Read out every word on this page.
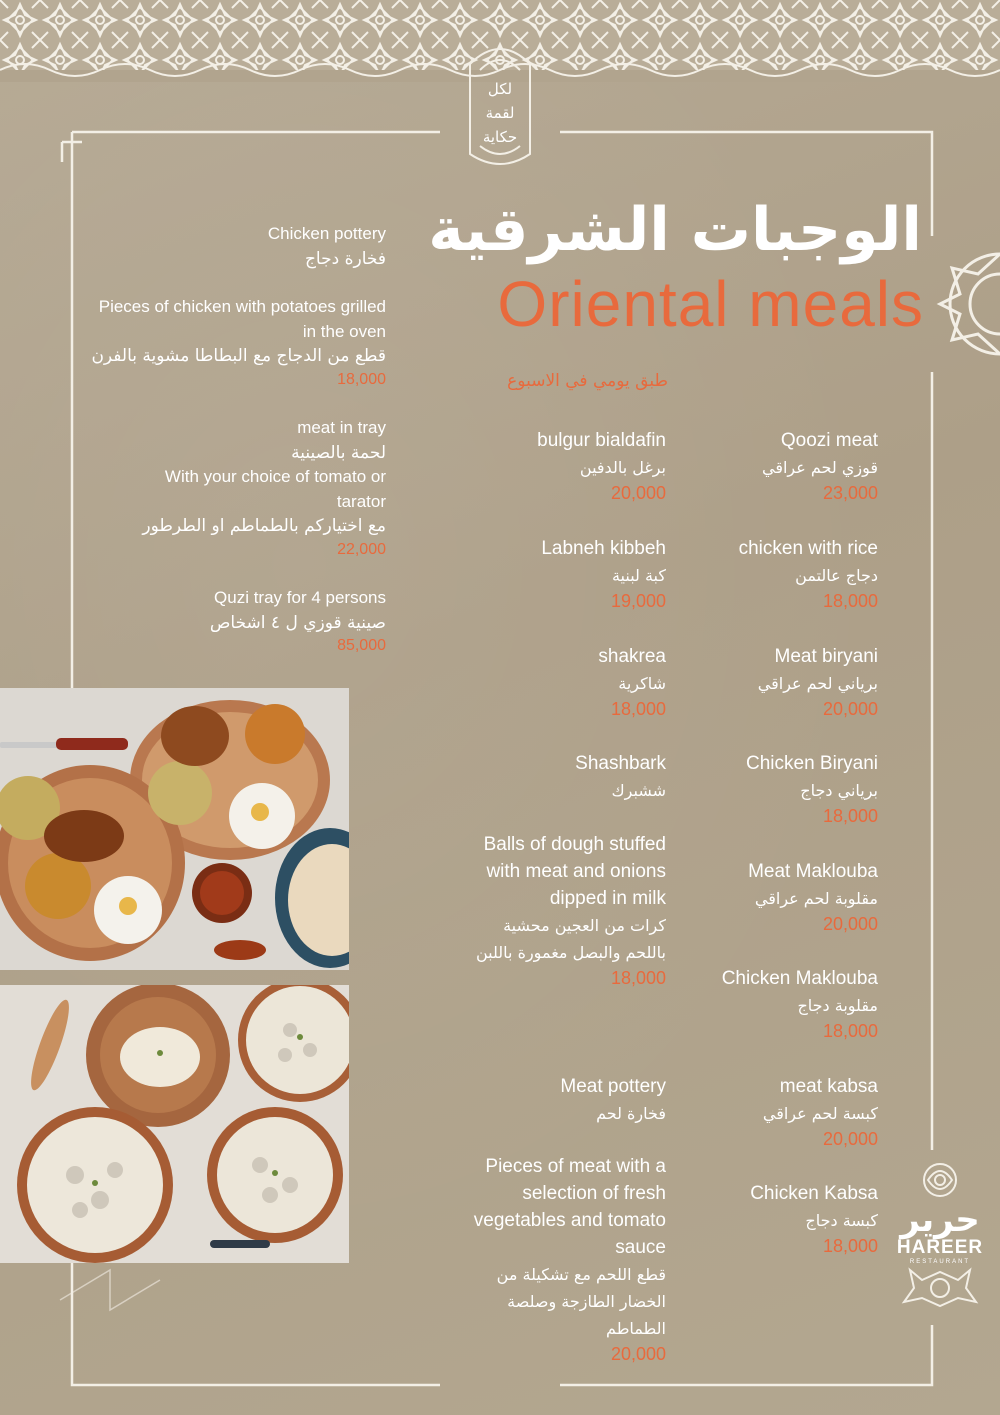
لكل
لقمة
حكاية
الوجبات الشرقية
Oriental meals
طبق يومي في الاسبوع
Chicken pottery
فخارة دجاج
Pieces of chicken with potatoes grilled in the oven
قطع من الدجاج مع البطاطا مشوية بالفرن
18,000
meat in tray
لحمة بالصينية
With your choice of tomato or tarator
مع اختياركم بالطماطم او الطرطور
22,000
Quzi tray for 4 persons
صينية قوزي ل ٤ اشخاص
85,000
bulgur bialdafin
برغل بالدفين
20,000
Labneh kibbeh
كبة لبنية
19,000
shakrea
شاكرية
18,000
Shashbark
ششبرك
Balls of dough stuffed with meat and onions dipped in milk
كرات من العجين محشية باللحم والبصل مغمورة باللبن
18,000
Meat pottery
فخارة لحم
Pieces of meat with a selection of fresh vegetables and tomato sauce
قطع اللحم مع تشكيلة من الخضار الطازجة وصلصة الطماطم
20,000
Qoozi meat
قوزي لحم عراقي
23,000
chicken with rice
دجاج عالتمن
18,000
Meat biryani
برياني لحم عراقي
20,000
Chicken Biryani
برياني دجاج
18,000
Meat Maklouba
مقلوبة لحم عراقي
20,000
Chicken Maklouba
مقلوبة دجاج
18,000
meat kabsa
كبسة لحم عراقي
20,000
Chicken Kabsa
كبسة دجاج
18,000
حرير
HAREER
RESTAURANT
